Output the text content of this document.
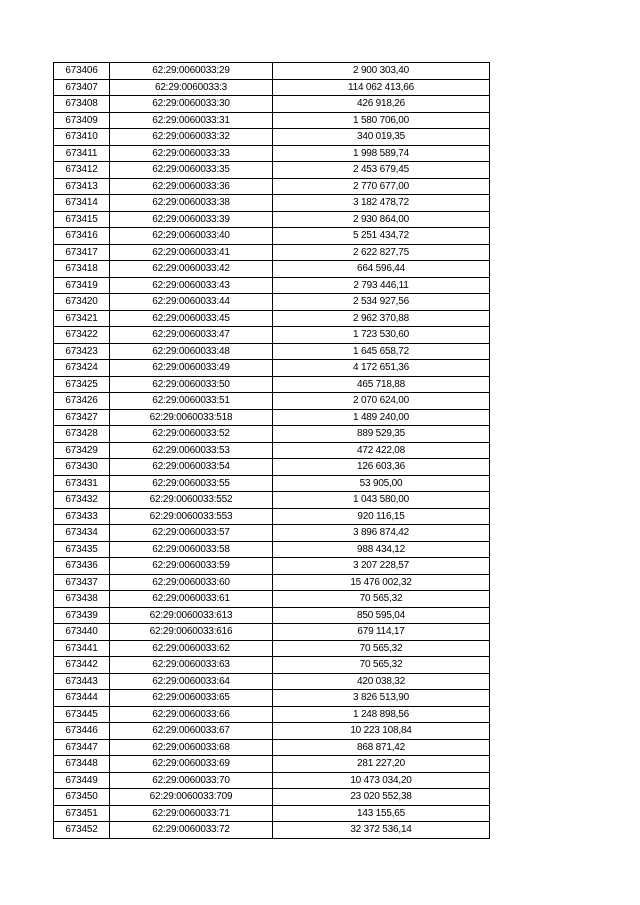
673406	62:29:0060033:29	2 900 303,40
673407	62:29:0060033:3	114 062 413,66
673408	62:29:0060033:30	426 918,26
673409	62:29:0060033:31	1 580 706,00
673410	62:29:0060033:32	340 019,35
673411	62:29:0060033:33	1 998 589,74
673412	62:29:0060033:35	2 453 679,45
673413	62:29:0060033:36	2 770 677,00
673414	62:29:0060033:38	3 182 478,72
673415	62:29:0060033:39	2 930 864,00
673416	62:29:0060033:40	5 251 434,72
673417	62:29:0060033:41	2 622 827,75
673418	62:29:0060033:42	664 596,44
673419	62:29:0060033:43	2 793 446,11
673420	62:29:0060033:44	2 534 927,56
673421	62:29:0060033:45	2 962 370,88
673422	62:29:0060033:47	1 723 530,60
673423	62:29:0060033:48	1 645 658,72
673424	62:29:0060033:49	4 172 651,36
673425	62:29:0060033:50	465 718,88
673426	62:29:0060033:51	2 070 624,00
673427	62:29:0060033:518	1 489 240,00
673428	62:29:0060033:52	889 529,35
673429	62:29:0060033:53	472 422,08
673430	62:29:0060033:54	126 603,36
673431	62:29:0060033:55	53 905,00
673432	62:29:0060033:552	1 043 580,00
673433	62:29:0060033:553	920 116,15
673434	62:29:0060033:57	3 896 874,42
673435	62:29:0060033:58	988 434,12
673436	62:29:0060033:59	3 207 228,57
673437	62:29:0060033:60	15 476 002,32
673438	62:29:0060033:61	70 565,32
673439	62:29:0060033:613	850 595,04
673440	62:29:0060033:616	679 114,17
673441	62:29:0060033:62	70 565,32
673442	62:29:0060033:63	70 565,32
673443	62:29:0060033:64	420 038,32
673444	62:29:0060033:65	3 826 513,90
673445	62:29:0060033:66	1 248 898,56
673446	62:29:0060033:67	10 223 108,84
673447	62:29:0060033:68	868 871,42
673448	62:29:0060033:69	281 227,20
673449	62:29:0060033:70	10 473 034,20
673450	62:29:0060033:709	23 020 552,38
673451	62:29:0060033:71	143 155,65
673452	62:29:0060033:72	32 372 536,14
